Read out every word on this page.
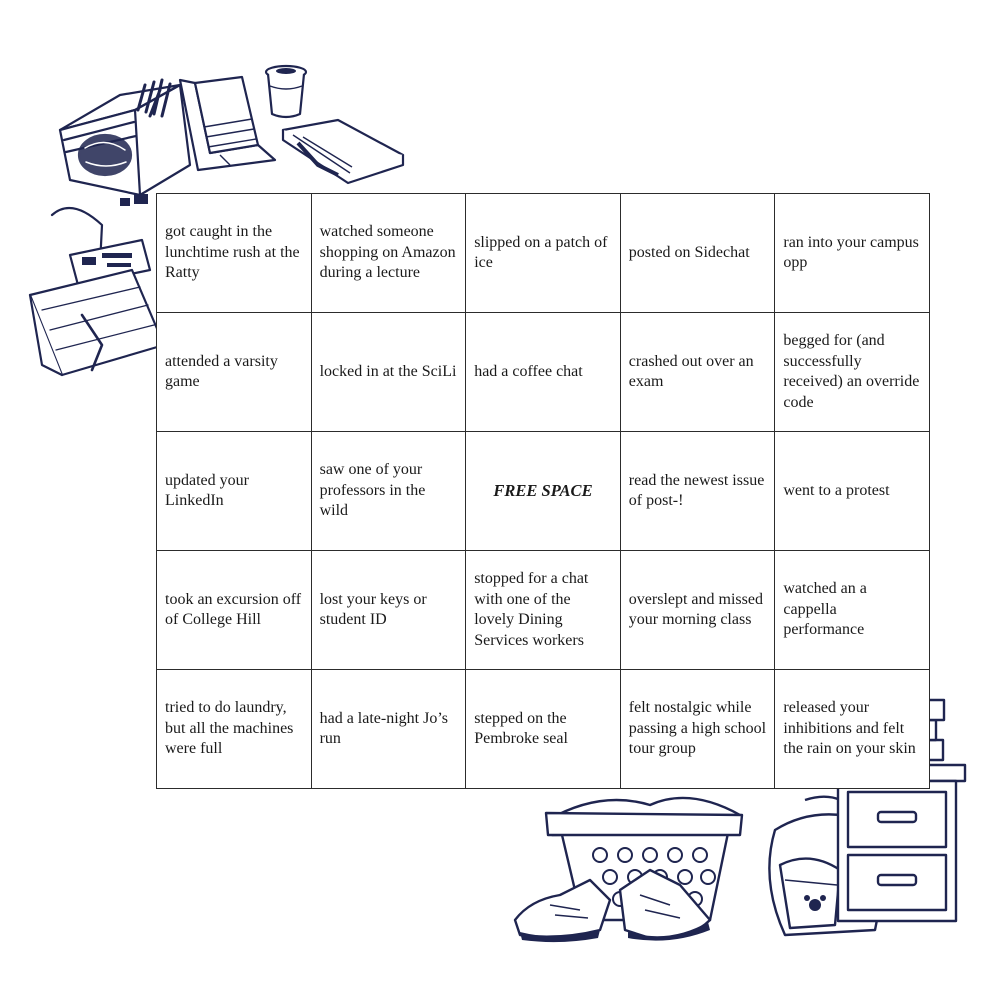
got caught in the lunchtime rush at the Ratty	watched someone shopping on Amazon during a lecture	slipped on a patch of ice	posted on Sidechat	ran into your campus opp
attended a varsity game	locked in at the SciLi	had a coffee chat	crashed out over an exam	begged for (and successfully received) an override code
updated your LinkedIn	saw one of your professors in the wild	FREE SPACE	read the newest issue of post-!	went to a protest
took an excursion off of College Hill	lost your keys or student ID	stopped for a chat with one of the lovely Dining Services workers	overslept and missed your morning class	watched an a cappella performance
tried to do laundry, but all the machines were full	had a late-night Jo’s run	stepped on the Pembroke seal	felt nostalgic while passing a high school tour group	released your inhibitions and felt the rain on your skin
